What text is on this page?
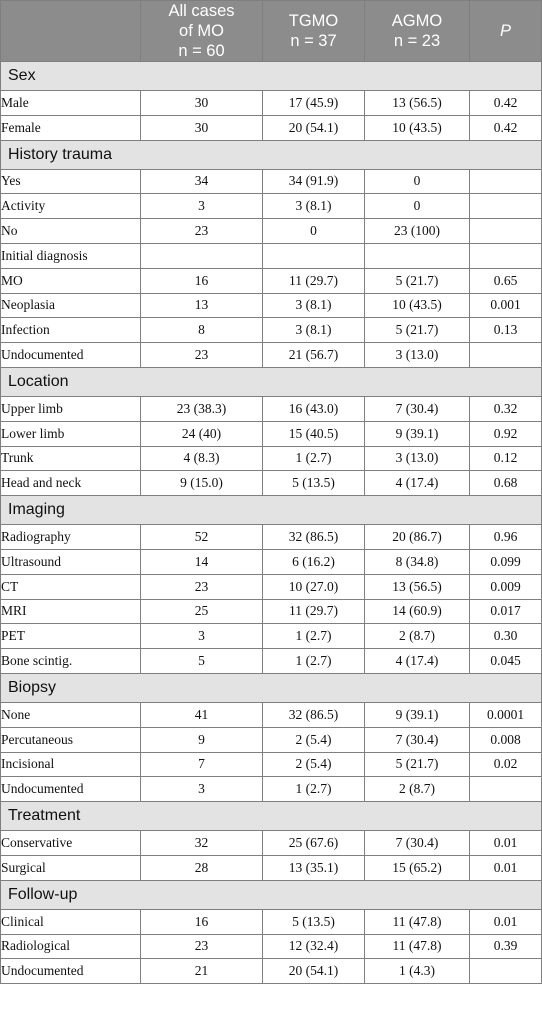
	All cases
of MO
n = 60	TGMO
n = 37	AGMO
n = 23	P
Sex				
Male	30	17 (45.9)	13 (56.5)	0.42
Female	30	20 (54.1)	10 (43.5)	0.42
History trauma				
Yes	34	34 (91.9)	0	
Activity	3	3 (8.1)	0	
No	23	0	23 (100)	
Initial diagnosis				
MO	16	11 (29.7)	5 (21.7)	0.65
Neoplasia	13	3 (8.1)	10 (43.5)	0.001
Infection	8	3 (8.1)	5 (21.7)	0.13
Undocumented	23	21 (56.7)	3 (13.0)	
Location				
Upper limb	23 (38.3)	16 (43.0)	7 (30.4)	0.32
Lower limb	24 (40)	15 (40.5)	9 (39.1)	0.92
Trunk	4 (8.3)	1 (2.7)	3 (13.0)	0.12
Head and neck	9 (15.0)	5 (13.5)	4 (17.4)	0.68
Imaging				
Radiography	52	32 (86.5)	20 (86.7)	0.96
Ultrasound	14	6 (16.2)	8 (34.8)	0.099
CT	23	10 (27.0)	13 (56.5)	0.009
MRI	25	11 (29.7)	14 (60.9)	0.017
PET	3	1 (2.7)	2 (8.7)	0.30
Bone scintig.	5	1 (2.7)	4 (17.4)	0.045
Biopsy				
None	41	32 (86.5)	9 (39.1)	0.0001
Percutaneous	9	2 (5.4)	7 (30.4)	0.008
Incisional	7	2 (5.4)	5 (21.7)	0.02
Undocumented	3	1 (2.7)	2 (8.7)	
Treatment				
Conservative	32	25 (67.6)	7 (30.4)	0.01
Surgical	28	13 (35.1)	15 (65.2)	0.01
Follow-up				
Clinical	16	5 (13.5)	11 (47.8)	0.01
Radiological	23	12 (32.4)	11 (47.8)	0.39
Undocumented	21	20 (54.1)	1 (4.3)	
